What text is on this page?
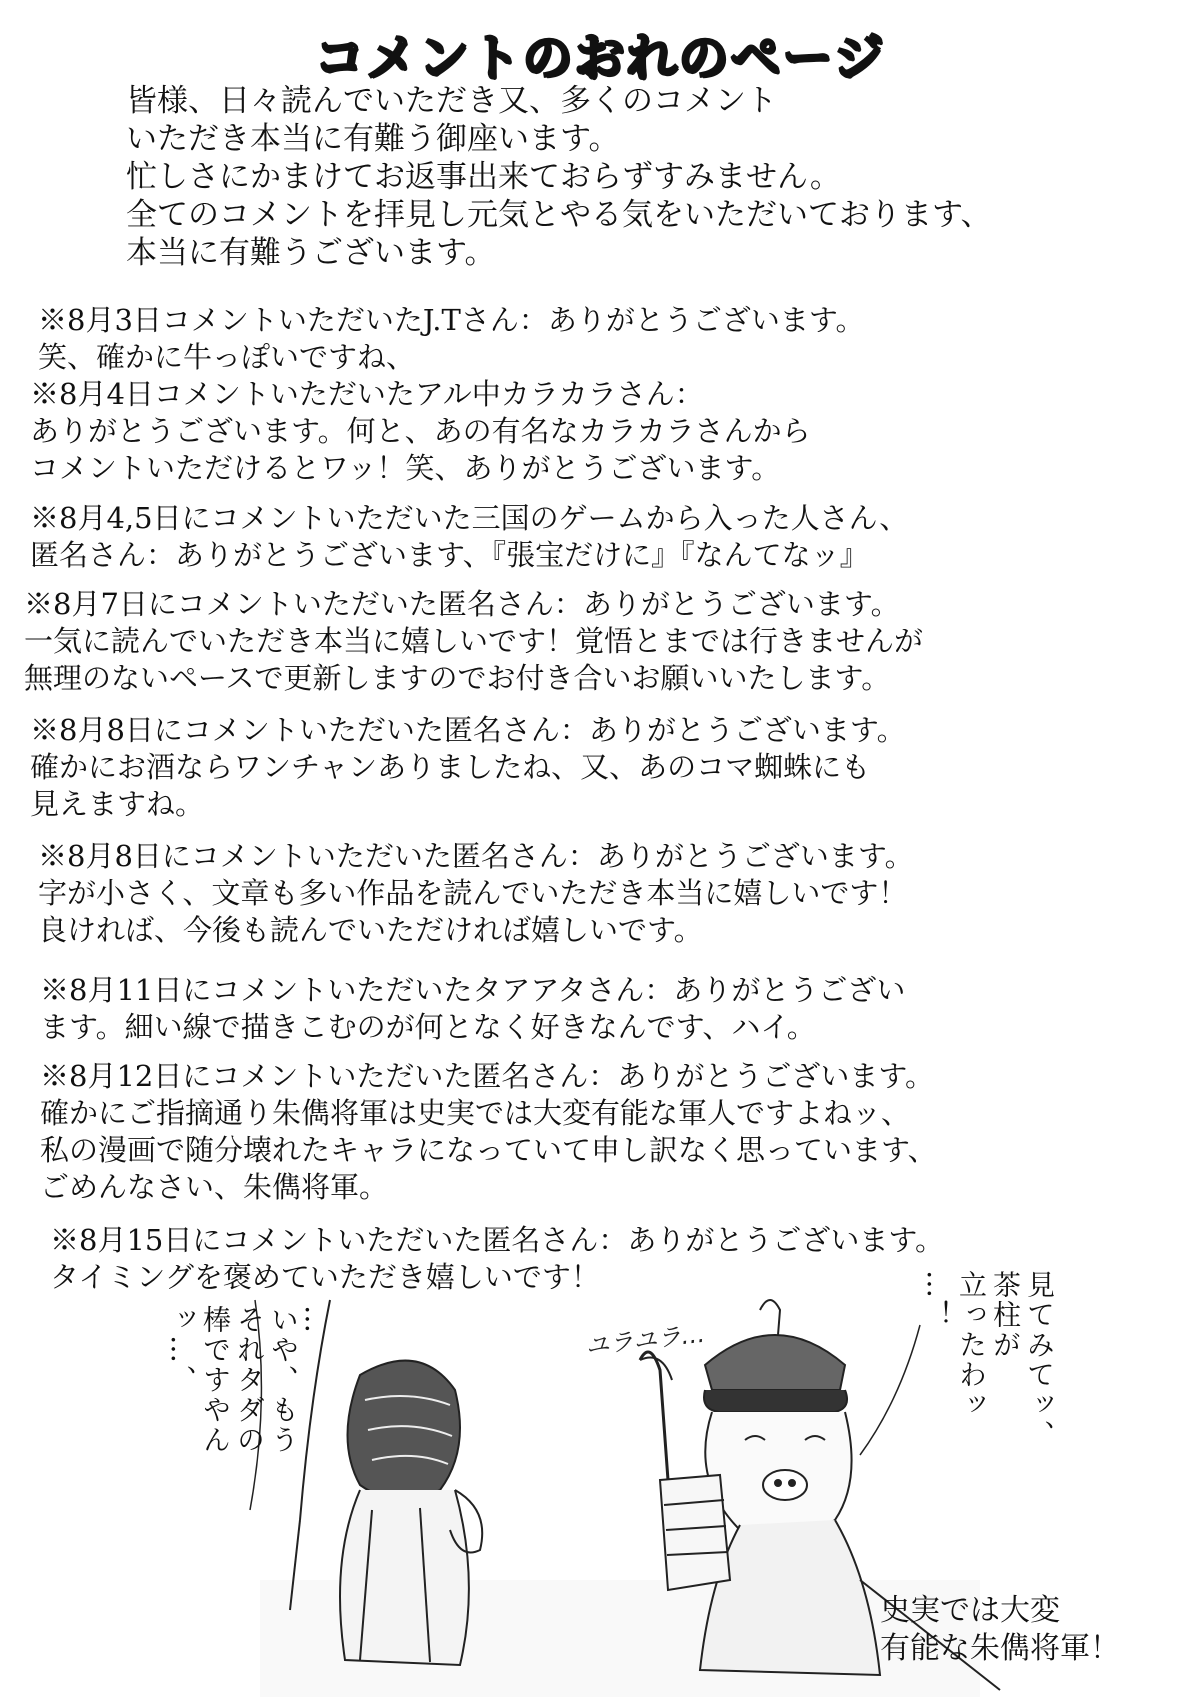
コメントのおれのページ
皆様、日々読んでいただき又、多くのコメント
いただき本当に有難う御座います。
忙しさにかまけてお返事出来ておらずすみません。
全てのコメントを拝見し元気とやる気をいただいております、
本当に有難うございます。
※8月3日コメントいただいたJ.Tさん：ありがとうございます。
笑、確かに牛っぽいですね、
※8月4日コメントいただいたアル中カラカラさん：
ありがとうございます。何と、あの有名なカラカラさんから
コメントいただけるとワッ！笑、ありがとうございます。
※8月4,5日にコメントいただいた三国のゲームから入った人さん、
匿名さん：ありがとうございます、『張宝だけに』『なんてなッ』
※8月7日にコメントいただいた匿名さん：ありがとうございます。
一気に読んでいただき本当に嬉しいです！覚悟とまでは行きませんが
無理のないペースで更新しますのでお付き合いお願いいたします。
※8月8日にコメントいただいた匿名さん：ありがとうございます。
確かにお酒ならワンチャンありましたね、又、あのコマ蜘蛛にも
見えますね。
※8月8日にコメントいただいた匿名さん：ありがとうございます。
字が小さく、文章も多い作品を読んでいただき本当に嬉しいです！
良ければ、今後も読んでいただければ嬉しいです。
※8月11日にコメントいただいたタアアタさん：ありがとうござい
ます。細い線で描きこむのが何となく好きなんです、ハイ。
※8月12日にコメントいただいた匿名さん：ありがとうございます。
確かにご指摘通り朱儁将軍は史実では大変有能な軍人ですよねッ、
私の漫画で随分壊れたキャラになっていて申し訳なく思っています、
ごめんなさい、朱儁将軍。
※8月15日にコメントいただいた匿名さん：ありがとうございます。
タイミングを褒めていただき嬉しいです！
いや、もう
それタダの
棒ですやん
ッ…、	…	見てみてッ、
茶柱が
立ったわッ
…！
ユラユラ…
史実では大変
有能な朱儁将軍！
